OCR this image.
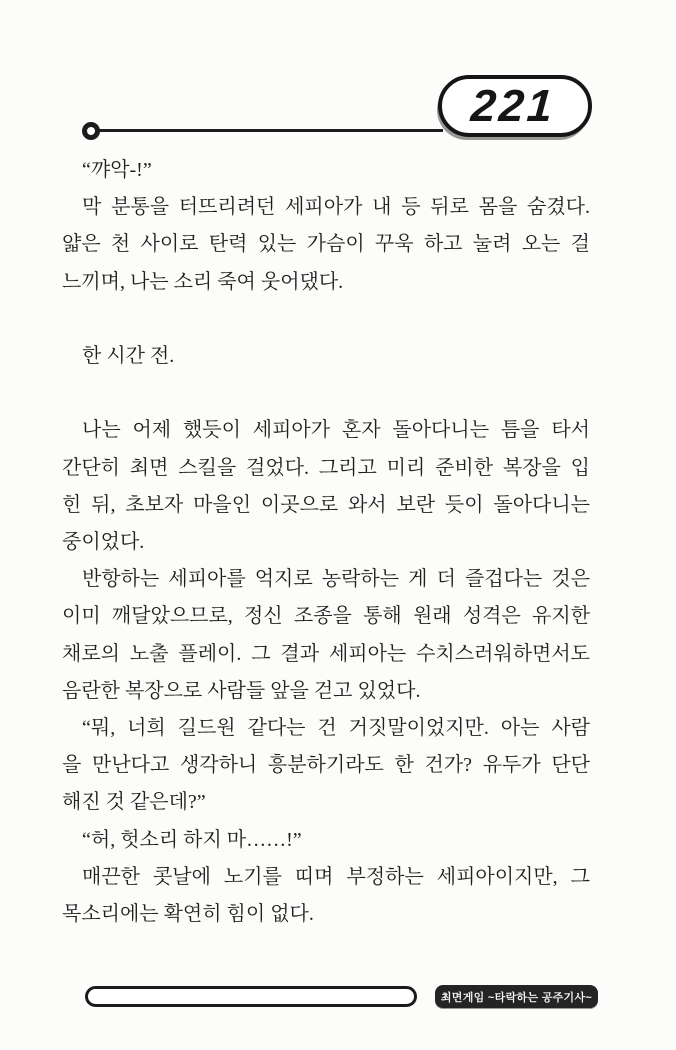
221
“꺄악-!”
막 분통을 터뜨리려던 세피아가 내 등 뒤로 몸을 숨겼다.
얇은 천 사이로 탄력 있는 가슴이 꾸욱 하고 눌려 오는 걸
느끼며, 나는 소리 죽여 웃어댔다.
한 시간 전.
나는 어제 했듯이 세피아가 혼자 돌아다니는 틈을 타서
간단히 최면 스킬을 걸었다. 그리고 미리 준비한 복장을 입
힌 뒤, 초보자 마을인 이곳으로 와서 보란 듯이 돌아다니는
중이었다.
반항하는 세피아를 억지로 농락하는 게 더 즐겁다는 것은
이미 깨달았으므로, 정신 조종을 통해 원래 성격은 유지한
채로의 노출 플레이. 그 결과 세피아는 수치스러워하면서도
음란한 복장으로 사람들 앞을 걷고 있었다.
“뭐, 너희 길드원 같다는 건 거짓말이었지만. 아는 사람
을 만난다고 생각하니 흥분하기라도 한 건가? 유두가 단단
해진 것 같은데?”
“허, 헛소리 하지 마……!”
매끈한 콧날에 노기를 띠며 부정하는 세피아이지만, 그
목소리에는 확연히 힘이 없다.
최면게임 ~타락하는 공주기사~
